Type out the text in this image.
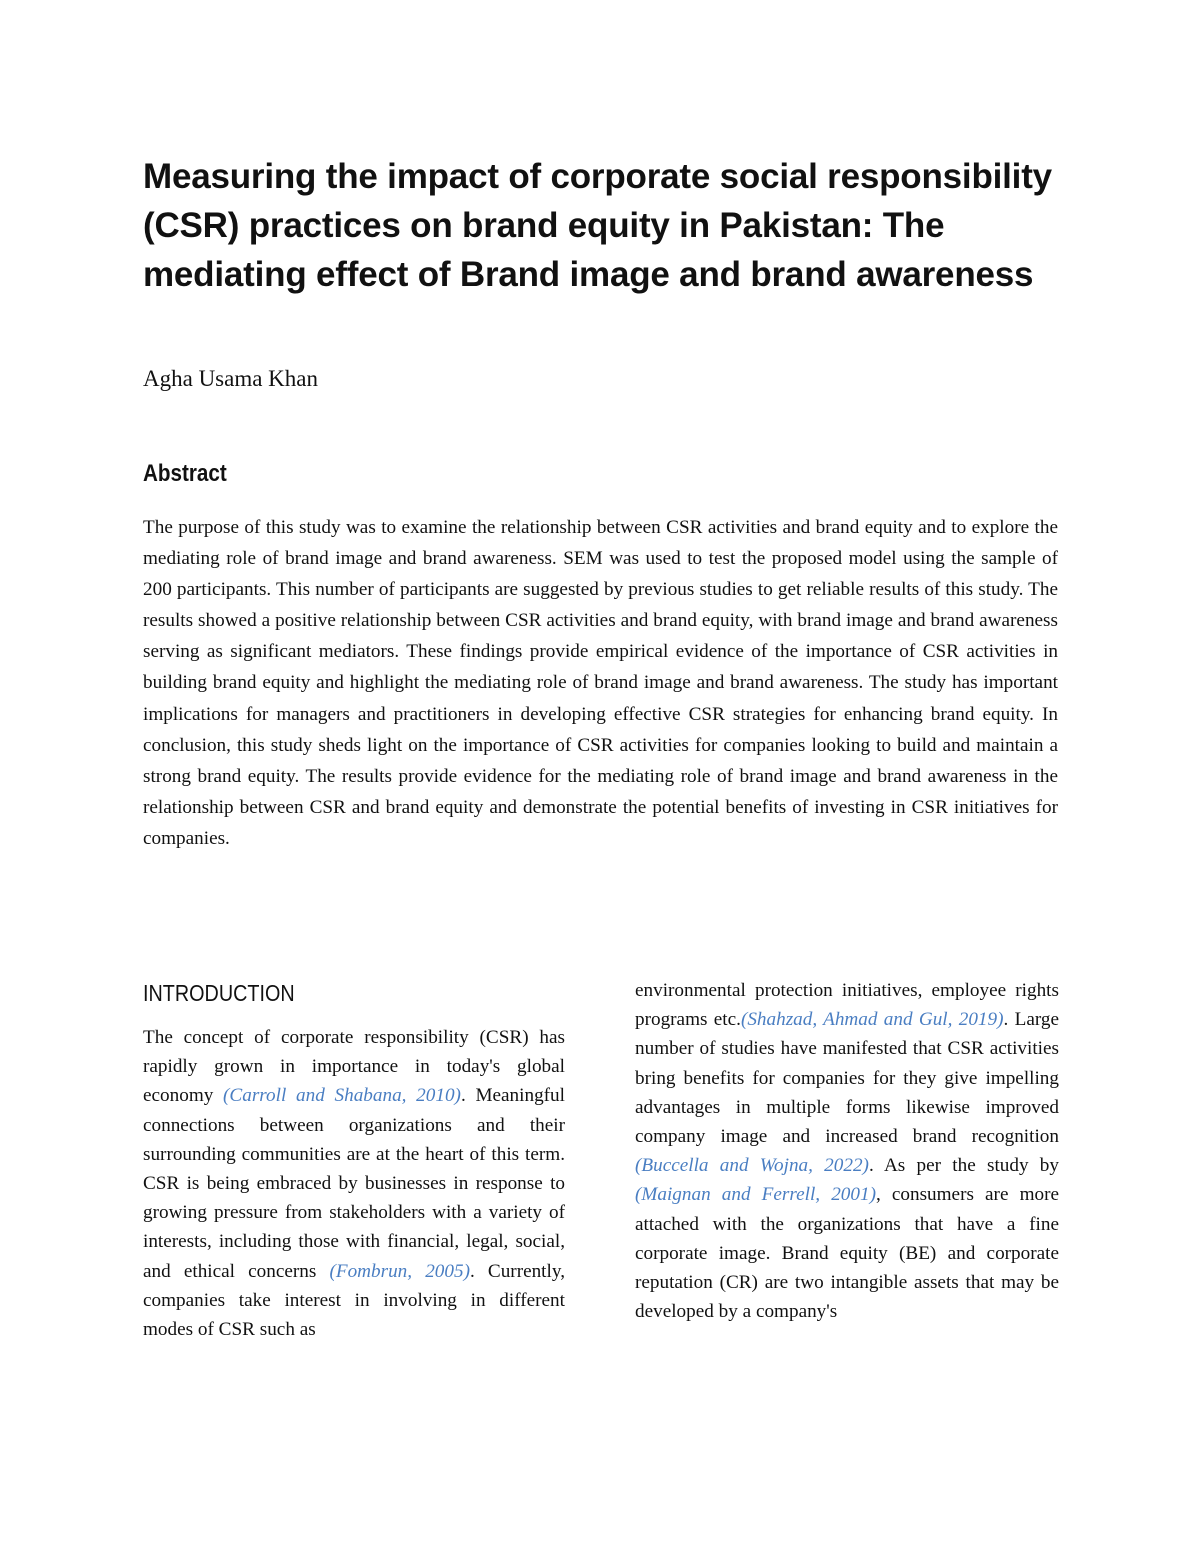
Measuring the impact of corporate social responsibility (CSR) practices on brand equity in Pakistan: The mediating effect of Brand image and brand awareness

Agha Usama Khan

Abstract

The purpose of this study was to examine the relationship between CSR activities and brand equity and to explore the mediating role of brand image and brand awareness. SEM was used to test the proposed model using the sample of 200 participants. This number of participants are suggested by previous studies to get reliable results of this study. The results showed a positive relationship between CSR activities and brand equity, with brand image and brand awareness serving as significant mediators. These findings provide empirical evidence of the importance of CSR activities in building brand equity and highlight the mediating role of brand image and brand awareness. The study has important implications for managers and practitioners in developing effective CSR strategies for enhancing brand equity. In conclusion, this study sheds light on the importance of CSR activities for companies looking to build and maintain a strong brand equity. The results provide evidence for the mediating role of brand image and brand awareness in the relationship between CSR and brand equity and demonstrate the potential benefits of investing in CSR initiatives for companies.

INTRODUCTION

The concept of corporate responsibility (CSR) has rapidly grown in importance in today's global economy (Carroll and Shabana, 2010). Meaningful connections between organizations and their surrounding communities are at the heart of this term. CSR is being embraced by businesses in response to growing pressure from stakeholders with a variety of interests, including those with financial, legal, social, and ethical concerns (Fombrun, 2005). Currently, companies take interest in involving in different modes of CSR such as

environmental protection initiatives, employee rights programs etc.(Shahzad, Ahmad and Gul, 2019). Large number of studies have manifested that CSR activities bring benefits for companies for they give impelling advantages in multiple forms likewise improved company image and increased brand recognition (Buccella and Wojna, 2022). As per the study by (Maignan and Ferrell, 2001), consumers are more attached with the organizations that have a fine corporate image. Brand equity (BE) and corporate reputation (CR) are two intangible assets that may be developed by a company's
